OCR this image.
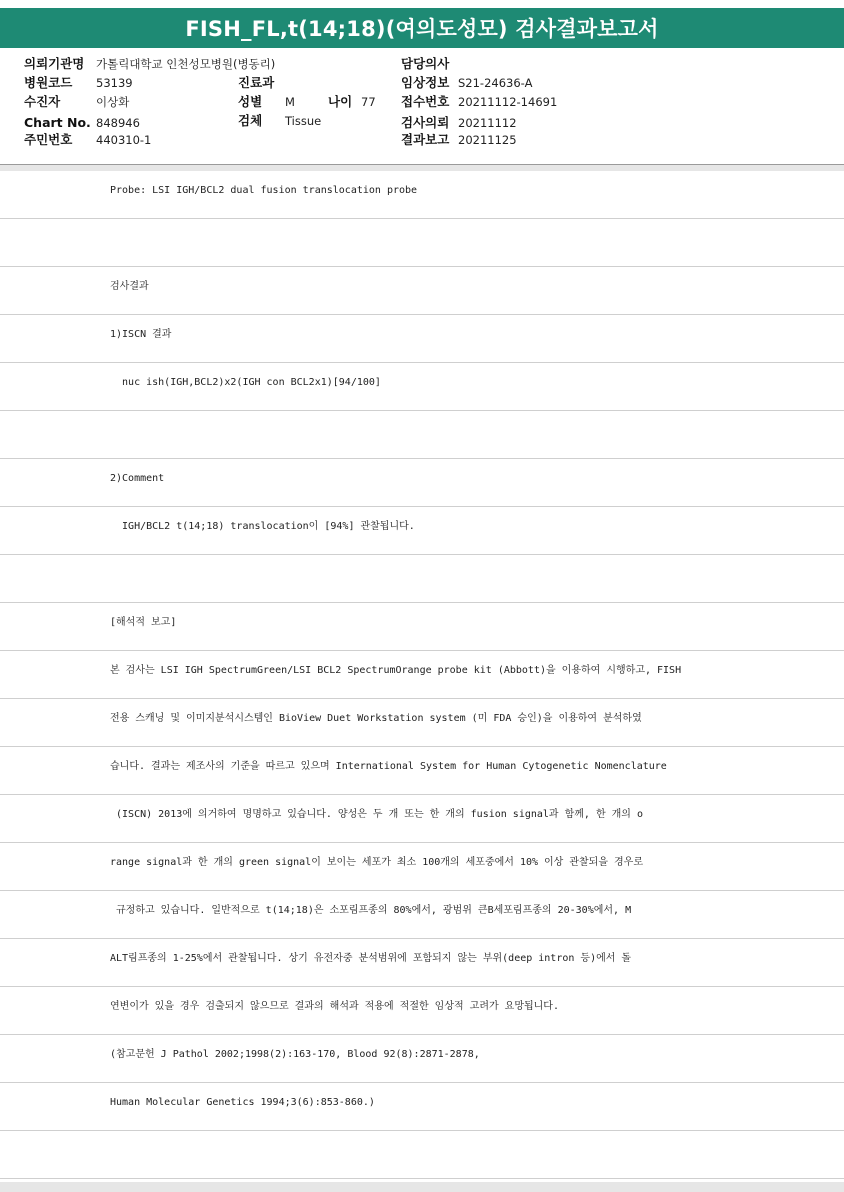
FISH_FL,t(14;18)(여의도성모) 검사결과보고서
의뢰기관명 가톨릭대학교 인천성모병원(병동리)
병원코드 53139
수진자	이상화
Chart No. 848946
주민번호 440310-1
진료과
성별 M	나이 77
검체 Tissue
담당의사
임상정보 S21-24636-A
접수번호 20211112-14691
검사의뢰 20211112
결과보고 20211125
Probe: LSI IGH/BCL2 dual fusion translocation probe
검사결과
1)ISCN 결과
nuc ish(IGH,BCL2)x2(IGH con BCL2x1)[94/100]
2)Comment
IGH/BCL2 t(14;18) translocation이 [94%] 관찰됩니다.
[해석적 보고]
본 검사는 LSI IGH SpectrumGreen/LSI BCL2 SpectrumOrange probe kit (Abbott)을 이용하여 시행하고, FISH
전용 스캐닝 및 이미지분석시스템인 BioView Duet Workstation system (미 FDA 승인)을 이용하여 분석하였
습니다. 결과는 제조사의 기준을 따르고 있으며 International System for Human Cytogenetic Nomenclature
(ISCN) 2013에 의거하여 명명하고 있습니다. 양성은 두 개 또는 한 개의 fusion signal과 함께, 한 개의 o
range signal과 한 개의 green signal이 보이는 세포가 최소 100개의 세포중에서 10% 이상 관찰되을 경우로
규정하고 있습니다. 일반적으로 t(14;18)은 소포림프종의 80%에서, 광범위 큰B세포림프종의 20-30%에서, M
ALT림프종의 1-25%에서 관찰됩니다. 상기 유전자중 분석범위에 포함되지 않는 부위(deep intron 등)에서 돌
연변이가 있을 경우 검출되지 않으므로 결과의 해석과 적용에 적절한 임상적 고려가 요망됩니다.
(참고문헌 J Pathol 2002;1998(2):163-170, Blood 92(8):2871-2878,
Human Molecular Genetics 1994;3(6):853-860.)
